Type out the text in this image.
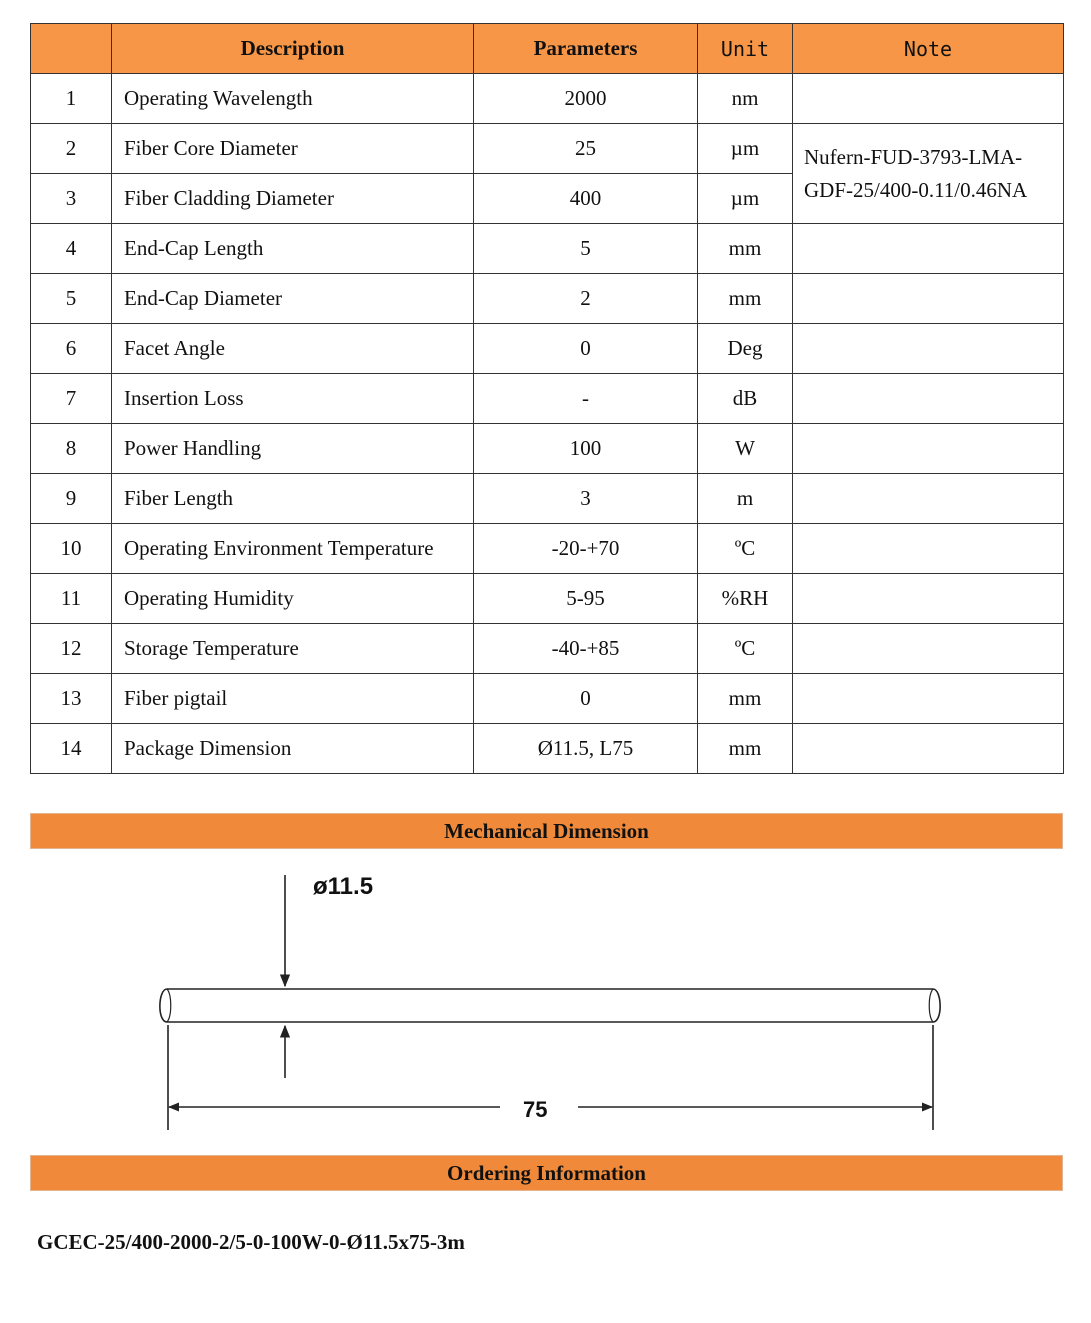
	Description	Parameters	Unit	Note
1	Operating Wavelength	2000	nm	
2	Fiber Core Diameter	25	µm	Nufern-FUD-3793-LMA-GDF-25/400-0.11/0.46NA
3	Fiber Cladding Diameter	400	µm	
4	End-Cap Length	5	mm	
5	End-Cap Diameter	2	mm	
6	Facet Angle	0	Deg	
7	Insertion Loss	-	dB	
8	Power Handling	100	W	
9	Fiber Length	3	m	
10	Operating Environment Temperature	-20-+70	ºC	
11	Operating Humidity	5-95	%RH	
12	Storage Temperature	-40-+85	ºC	
13	Fiber pigtail	0	mm	
14	Package Dimension	Ø11.5, L75	mm	
Mechanical Dimension
ø11.5
75
Ordering Information
GCEC-25/400-2000-2/5-0-100W-0-Ø11.5x75-3m
